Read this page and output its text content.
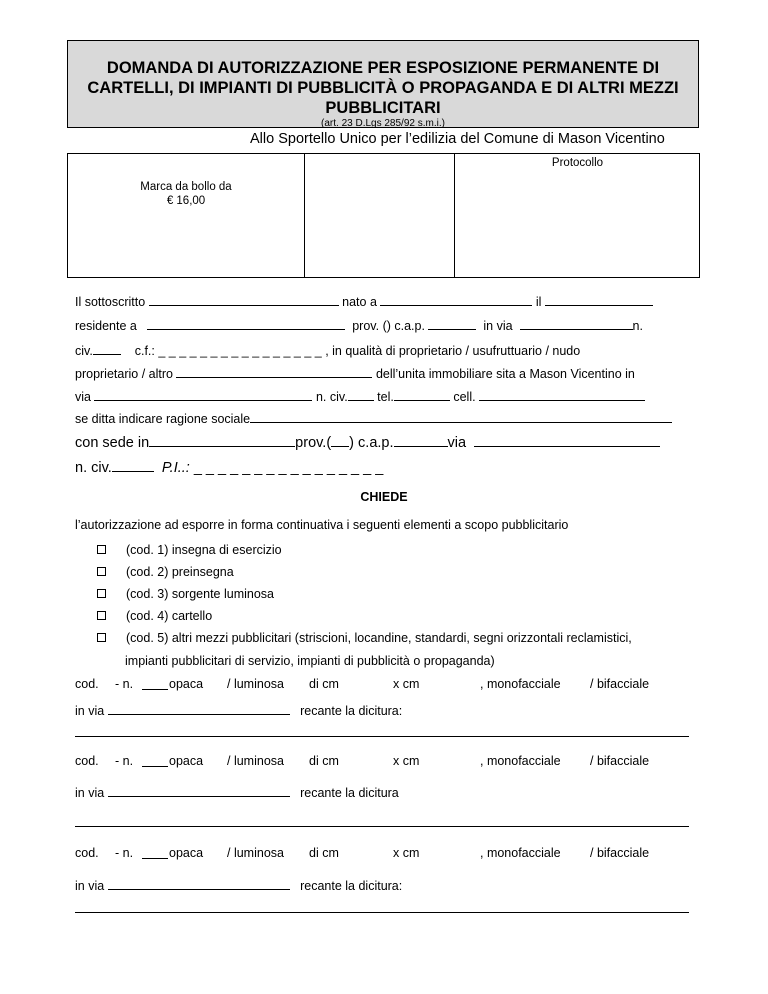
DOMANDA DI AUTORIZZAZIONE PER ESPOSIZIONE PERMANENTE DI CARTELLI, DI IMPIANTI DI PUBBLICITÀ O PROPAGANDA E DI ALTRI MEZZI PUBBLICITARI
(art. 23 D.Lgs 285/92 s.m.i.)
Allo Sportello Unico per l’edilizia del Comune di Mason Vicentino
Marca da bollo da
€ 16,00
Protocollo
Il sottoscritto	nato a	il
residente a	prov. () c.a.p.	in via	n.
civ.	c.f.: _ _ _ _ _ _ _ _ _ _ _ _ _ _ _ _ , in qualità di proprietario / usufruttuario / nudo
proprietario / altro	dell’unita immobiliare sita a Mason Vicentino in
via	n. civ. tel.	cell.
se ditta indicare ragione sociale
con sede in	prov.( ) c.a.p.	via
n. civ.	P.I..: _ _ _ _ _ _ _ _ _ _ _ _ _ _ _ _
CHIEDE
l’autorizzazione ad esporre in forma continuativa i seguenti elementi a scopo pubblicitario
(cod. 1) insegna di esercizio
(cod. 2) preinsegna
(cod. 3) sorgente luminosa
(cod. 4) cartello
(cod. 5) altri mezzi pubblicitari (striscioni, locandine, standardi, segni orizzontali reclamistici,
impianti pubblicitari di servizio, impianti di pubblicità o propaganda)
cod. - n.	opaca / luminosa di cm	x cm	, monofacciale / bifacciale
in via	recante la dicitura:
cod. - n.	opaca / luminosa di cm	x cm	, monofacciale / bifacciale
in via	recante la dicitura
cod. - n.	opaca / luminosa di cm	x cm	, monofacciale / bifacciale
in via	recante la dicitura:
